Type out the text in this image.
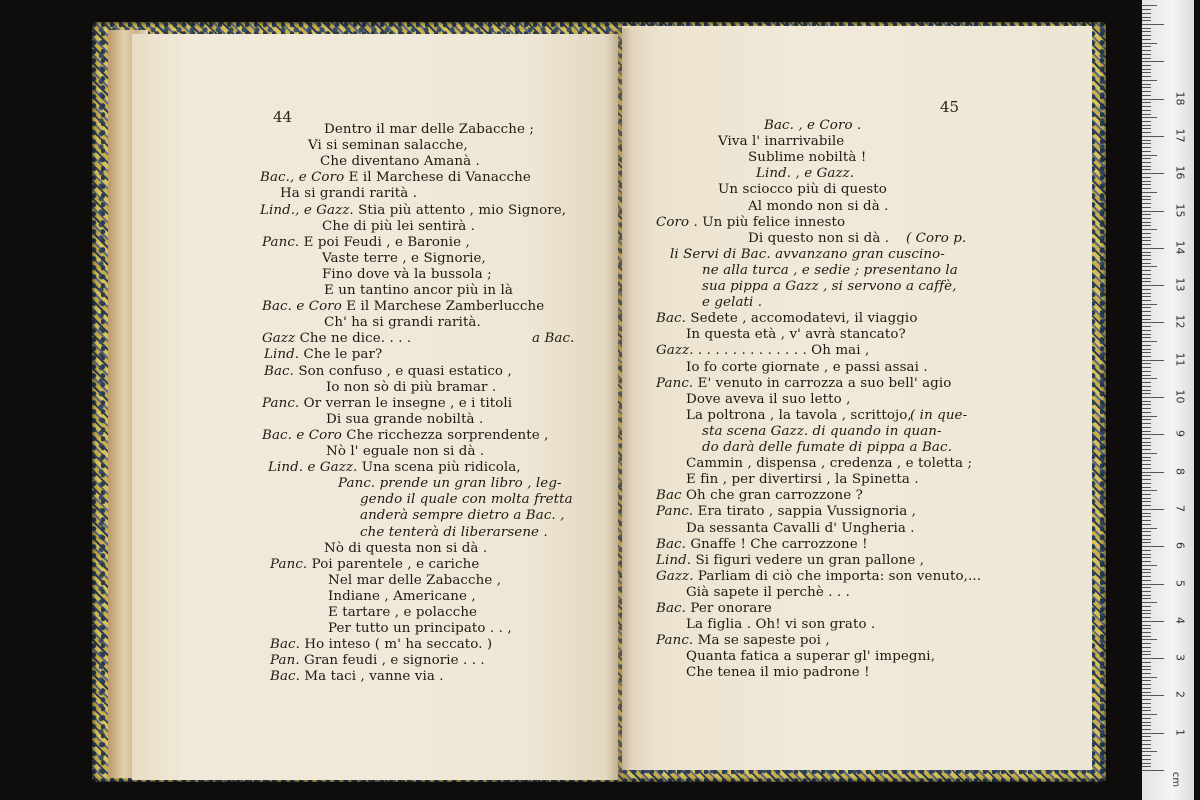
44
Dentro il mar delle Zabacche ;
Vi si seminan salacche,
Che diventano Amanà .
Bac., e Coro E il Marchese di Vanacche
Ha si grandi rarità .
Lind., e Gazz. Stia più attento , mio Signore,
Che di più lei sentirà .
Panc. E poi Feudi , e Baronie ,
Vaste terre , e Signorie,
Fino dove và la bussola ;
E un tantino ancor più in là
Bac. e Coro E il Marchese Zamberlucche
Ch' ha si grandi rarità.
Gazz Che ne dice. . . .	a Bac.
Lind. Che le par?
Bac. Son confuso , e quasi estatico ,
Io non sò di più bramar .
Panc. Or verran le insegne , e i titoli
Di sua grande nobiltà .
Bac. e Coro Che ricchezza sorprendente ,
Nò l' eguale non si dà .
Lind. e Gazz. Una scena più ridicola,
Panc. prende un gran libro , leg-
gendo il quale con molta fretta
anderà sempre dietro a Bac. ,
che tenterà di liberarsene .
Nò di questa non si dà .
Panc. Poi parentele , e cariche
Nel mar delle Zabacche ,
Indiane , Americane ,
E tartare , e polacche
Per tutto un principato . . ,
Bac. Ho inteso ( m' ha seccato. )
Pan. Gran feudi , e signorie . . .
Bac. Ma taci , vanne via .
45
Bac. , e Coro .
Viva l' inarrivabile
Sublime nobiltà !
Lind. , e Gazz.
Un sciocco più di questo
Al mondo non si dà .
Coro . Un più felice innesto
Di questo non si dà . ( Coro p.
li Servi di Bac. avvanzano gran cuscino-
ne alla turca , e sedie ; presentano la
sua pippa a Gazz , si servono a caffè,
e gelati .
Bac. Sedete , accomodatevi, il viaggio
In questa età , v' avrà stancato?
Gazz. . . . . . . . . . . . . . Oh mai ,
Io fo corte giornate , e passi assai .
Panc. E' venuto in carrozza a suo bell' agio
Dove aveva il suo letto ,
La poltrona , la tavola , scrittojo,
( in que-
sta scena Gazz. di quando in quan-
do darà delle fumate di pippa a Bac.
Cammin , dispensa , credenza , e toletta ;
E fin , per divertirsi , la Spinetta .
Bac Oh che gran carrozzone ?
Panc. Era tirato , sappia Vussignoria ,
Da sessanta Cavalli d' Ungheria .
Bac. Gnaffe ! Che carrozzone !
Lind. Si figuri vedere un gran pallone ,
Gazz. Parliam di ciò che importa: son venuto,...
Già sapete il perchè . . .
Bac. Per onorare
La figlia . Oh! vi son grato .
Panc. Ma se sapeste poi ,
Quanta fatica a superar gl' impegni,
Che tenea il mio padrone !
18
17
16
15
14
13
12
11
10
9
8
7
6
5
4
3
2
1
cm
